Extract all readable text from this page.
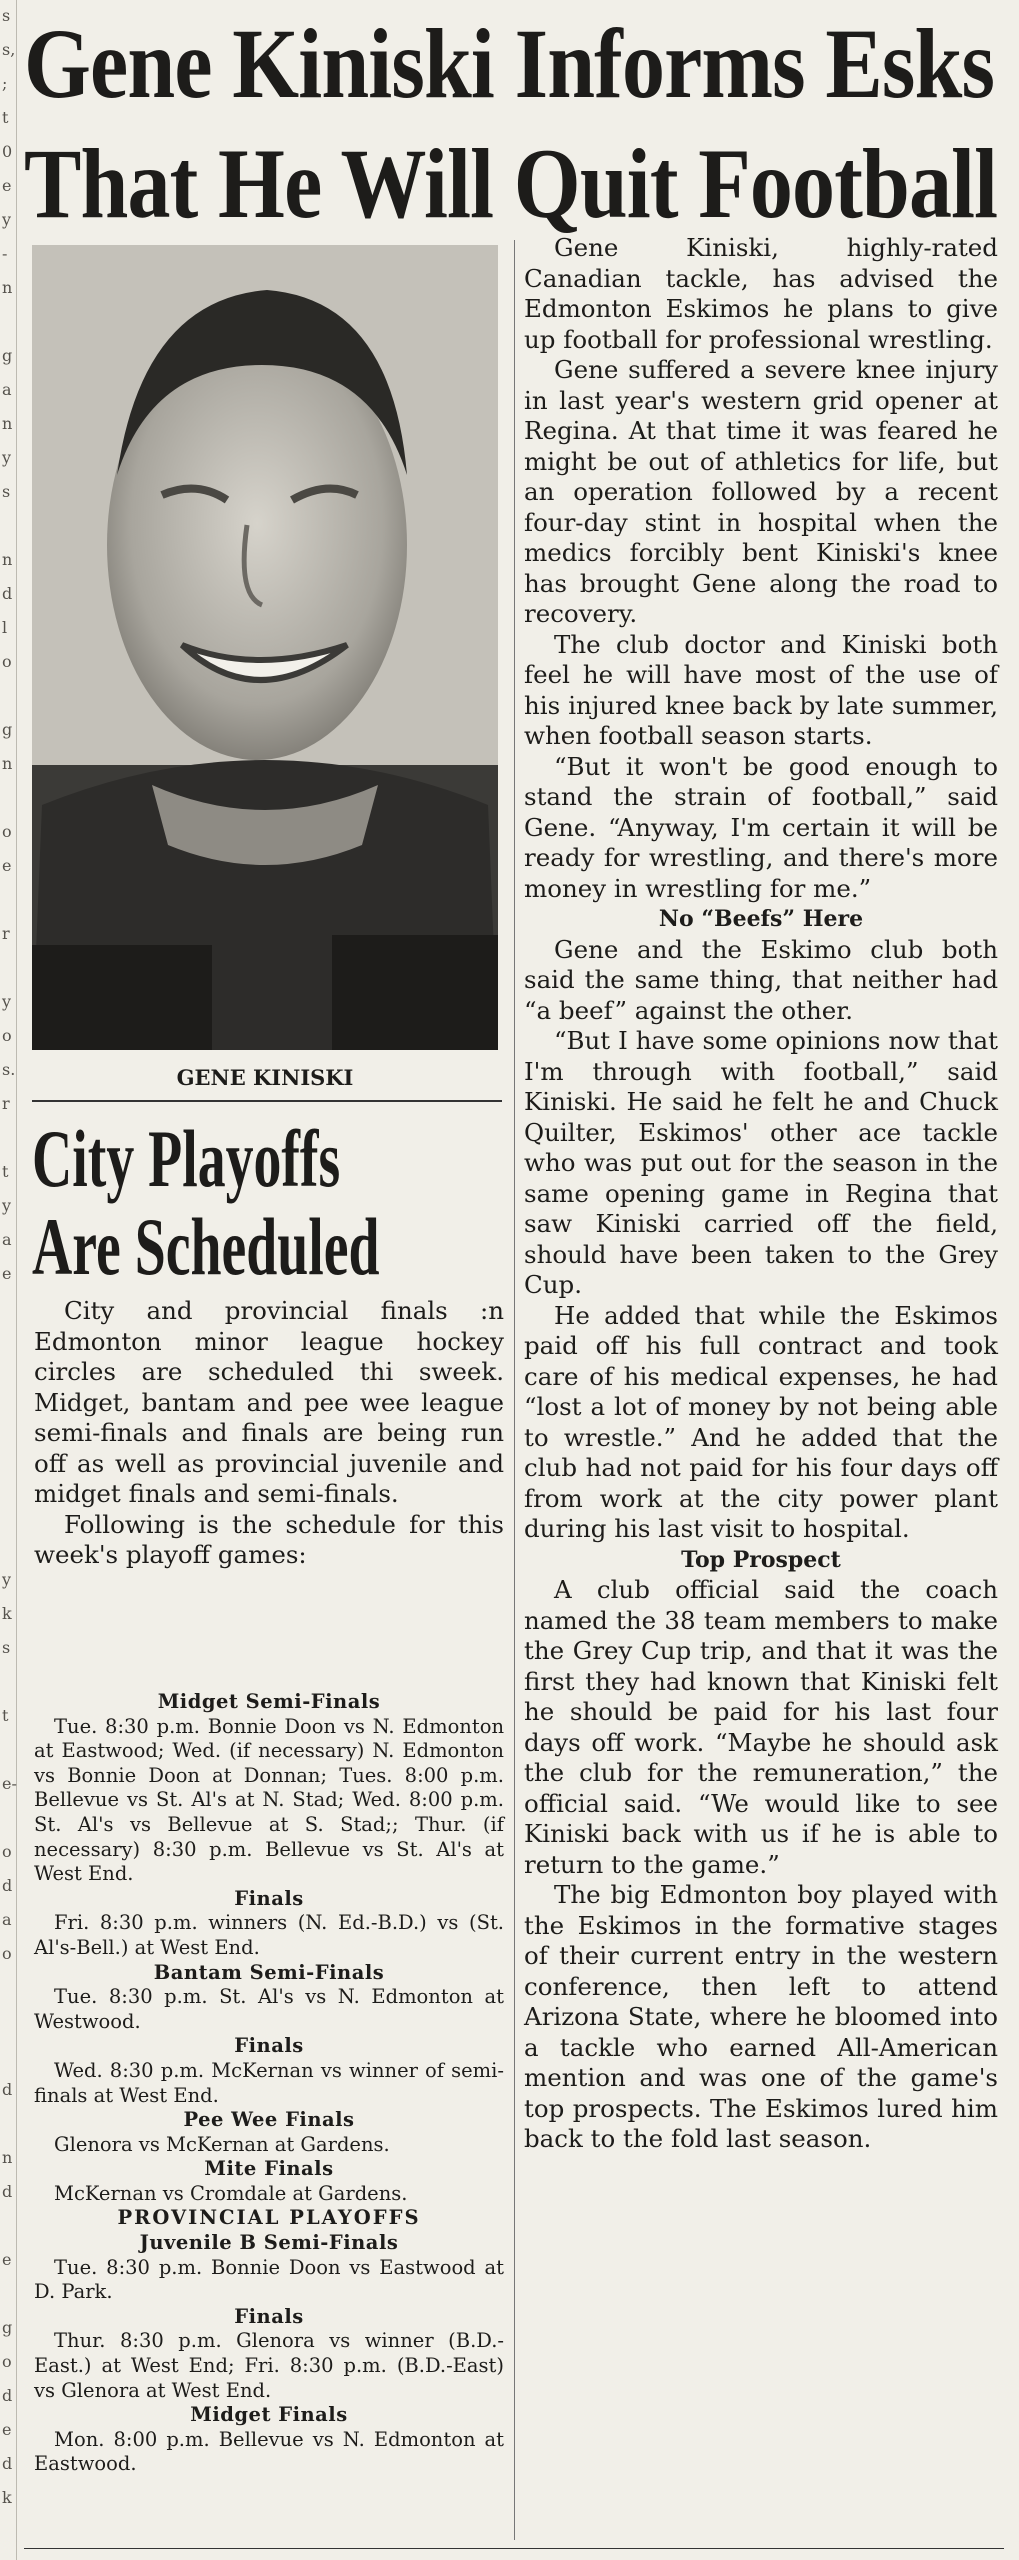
s
s,
;
t
0
e
y
-
n
g
a
n
y
s
n
d
l
o
g
n
o
e
r
y
o
s.
r
t
y
a
e
y
k
s
t
e-
o
d
a
o
d
n
d
e
g
o
d
e
d
k
Gene Kiniski Informs Esks
That He Will Quit Football
GENE KINISKI
City Playoffs
Are Scheduled

City and provincial finals :n Edmonton minor league hockey circles are scheduled thi sweek. Midget, bantam and pee wee league semi-finals and finals are being run off as well as provincial juvenile and midget finals and semi-finals.

Following is the schedule for this week's playoff games:

Midget Semi-Finals

Tue. 8:30 p.m. Bonnie Doon vs N. Edmonton at Eastwood; Wed. (if necessary) N. Edmonton vs Bonnie Doon at Donnan; Tues. 8:00 p.m. Bellevue vs St. Al's at N. Stad; Wed. 8:00 p.m. St. Al's vs Bellevue at S. Stad;; Thur. (if necessary) 8:30 p.m. Bellevue vs St. Al's at West End.

Finals

Fri. 8:30 p.m. winners (N. Ed.-B.D.) vs (St. Al's-Bell.) at West End.

Bantam Semi-Finals

Tue. 8:30 p.m. St. Al's vs N. Edmonton at Westwood.

Finals

Wed. 8:30 p.m. McKernan vs winner of semi-finals at West End.

Pee Wee Finals

Glenora vs McKernan at Gardens.

Mite Finals

McKernan vs Cromdale at Gardens.

PROVINCIAL PLAYOFFS

Juvenile B Semi-Finals

Tue. 8:30 p.m. Bonnie Doon vs Eastwood at D. Park.

Finals

Thur. 8:30 p.m. Glenora vs winner (B.D.-East.) at West End; Fri. 8:30 p.m. (B.D.-East) vs Glenora at West End.

Midget Finals

Mon. 8:00 p.m. Bellevue vs N. Edmonton at Eastwood.

Gene Kiniski, highly-rated Canadian tackle, has advised the Edmonton Eskimos he plans to give up football for professional wrestling.

Gene suffered a severe knee injury in last year's western grid opener at Regina. At that time it was feared he might be out of athletics for life, but an operation followed by a recent four-day stint in hospital when the medics forcibly bent Kiniski's knee has brought Gene along the road to recovery.

The club doctor and Kiniski both feel he will have most of the use of his injured knee back by late summer, when football season starts.

“But it won't be good enough to stand the strain of football,” said Gene. “Anyway, I'm certain it will be ready for wrestling, and there's more money in wrestling for me.”

No “Beefs” Here

Gene and the Eskimo club both said the same thing, that neither had “a beef” against the other.

“But I have some opinions now that I'm through with football,” said Kiniski. He said he felt he and Chuck Quilter, Eskimos' other ace tackle who was put out for the season in the same opening game in Regina that saw Kiniski carried off the field, should have been taken to the Grey Cup.

He added that while the Eskimos paid off his full contract and took care of his medical expenses, he had “lost a lot of money by not being able to wrestle.” And he added that the club had not paid for his four days off from work at the city power plant during his last visit to hospital.

Top Prospect

A club official said the coach named the 38 team members to make the Grey Cup trip, and that it was the first they had known that Kiniski felt he should be paid for his last four days off work. “Maybe he should ask the club for the remuneration,” the official said. “We would like to see Kiniski back with us if he is able to return to the game.”

The big Edmonton boy played with the Eskimos in the formative stages of their current entry in the western conference, then left to attend Arizona State, where he bloomed into a tackle who earned All-American mention and was one of the game's top prospects. The Eskimos lured him back to the fold last season.
